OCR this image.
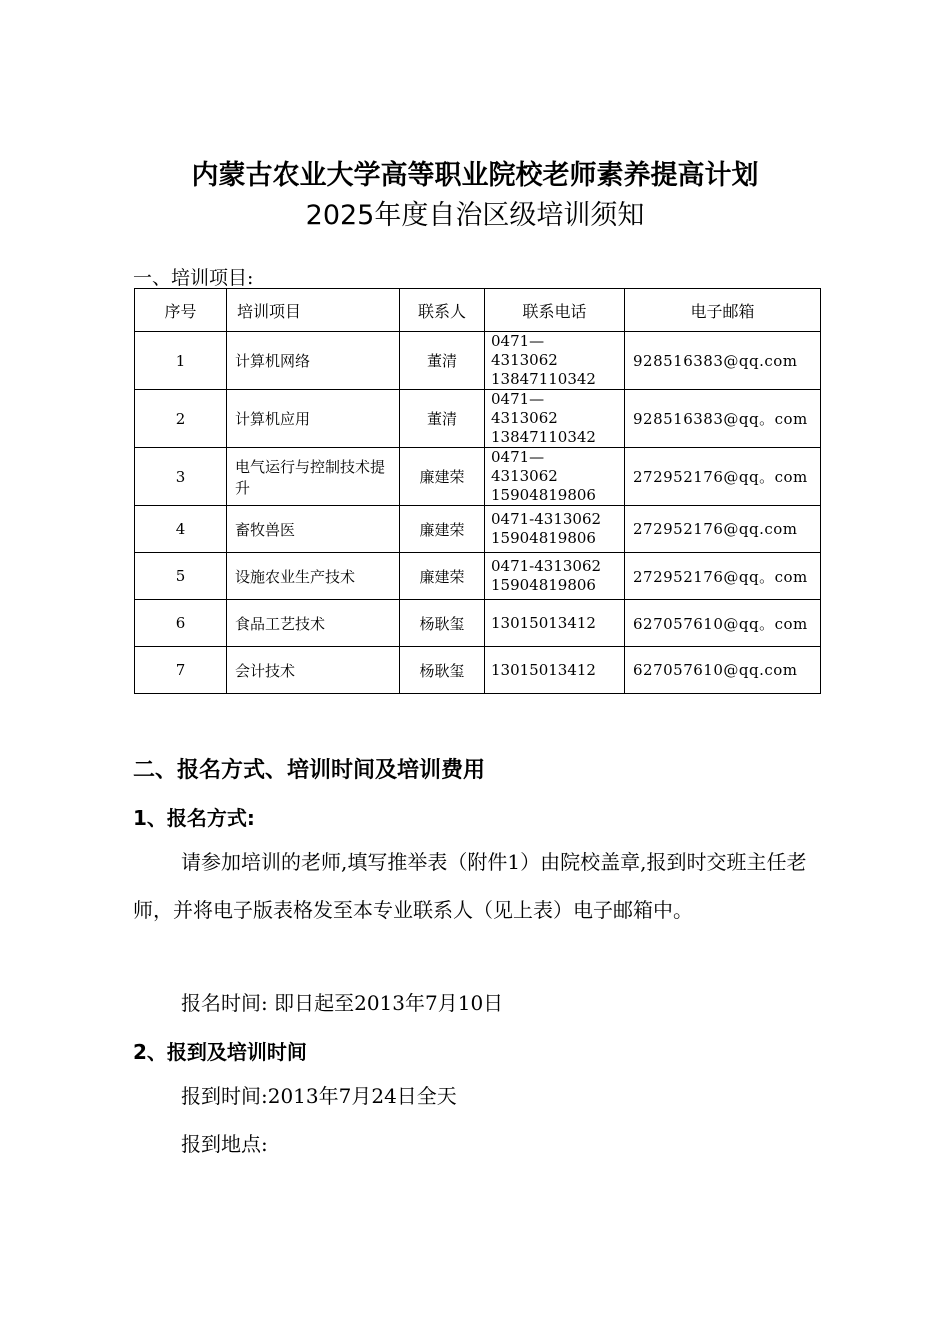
内蒙古农业大学高等职业院校老师素养提高计划
2025年度自治区级培训须知
一、培训项目:
序号	培训项目	联系人	联系电话	电子邮箱

1	计算机网络	董清	0471—
4313062
13847110342	928516383@qq.com

2	计算机应用	董清	0471—
4313062
13847110342	928516383@qq。com

3	电气运行与控制技术提升	廉建荣	0471—
4313062
15904819806	272952176@qq。com

4	畜牧兽医	廉建荣	0471-4313062
15904819806	272952176@qq.com

5	设施农业生产技术	廉建荣	0471-4313062
15904819806	272952176@qq。com

6	食品工艺技术	杨耿玺	13015013412	627057610@qq。com

7	会计技术	杨耿玺	13015013412	627057610@qq.com
二、报名方式、培训时间及培训费用
1、报名方式:
请参加培训的老师,填写推举表（附件1）由院校盖章,报到时交班主任老师，并将电子版表格发至本专业联系人（见上表）电子邮箱中。
报名时间: 即日起至2013年7月10日
2、报到及培训时间
报到时间:2013年7月24日全天
报到地点:
